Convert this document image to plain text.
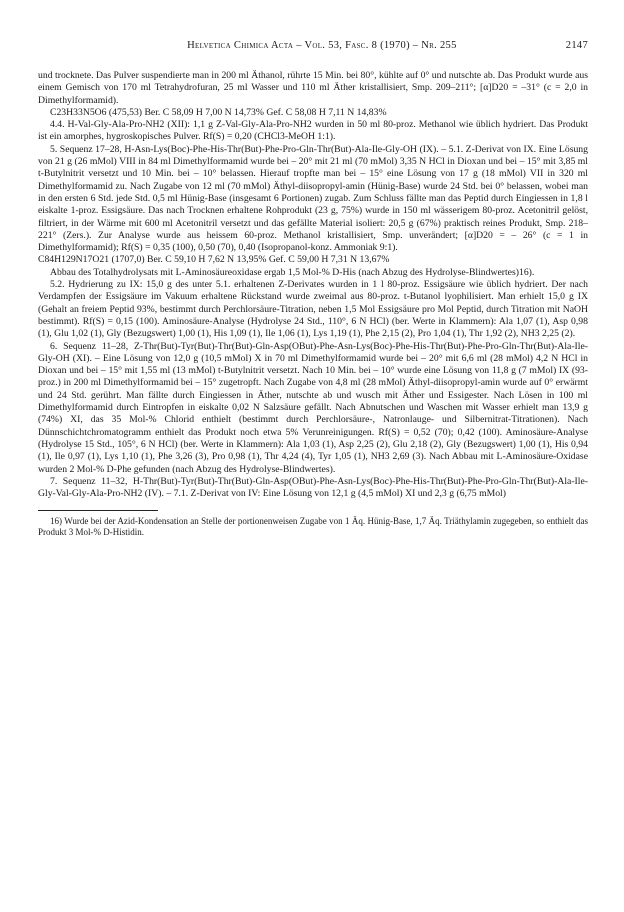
Helvetica Chimica Acta – Vol. 53, Fasc. 8 (1970) – Nr. 255	2147

und trocknete. Das Pulver suspendierte man in 200 ml Äthanol, rührte 15 Min. bei 80°, kühlte auf 0° und nutschte ab. Das Produkt wurde aus einem Gemisch von 170 ml Tetrahydrofuran, 25 ml Wasser und 110 ml Äther kristallisiert, Smp. 209–211°; [α]D20 = –31° (c = 2,0 in Dimethylformamid).

C23H33N5O6 (475,53) Ber. C 58,09 H 7,00 N 14,73% Gef. C 58,08 H 7,11 N 14,83%

4.4. H-Val-Gly-Ala-Pro-NH2 (XII): 1,1 g Z-Val-Gly-Ala-Pro-NH2 wurden in 50 ml 80-proz. Methanol wie üblich hydriert. Das Produkt ist ein amorphes, hygroskopisches Pulver. Rf(S) = 0,20 (CHCl3-MeOH 1:1).

5. Sequenz 17–28, H-Asn-Lys(Boc)-Phe-His-Thr(But)-Phe-Pro-Gln-Thr(But)-Ala-Ile-Gly-OH (IX). – 5.1. Z-Derivat von IX. Eine Lösung von 21 g (26 mMol) VIII in 84 ml Dimethylformamid wurde bei – 20° mit 21 ml (70 mMol) 3,35 N HCl in Dioxan und bei – 15° mit 3,85 ml t-Butylnitrit versetzt und 10 Min. bei – 10° belassen. Hierauf tropfte man bei – 15° eine Lösung von 17 g (18 mMol) VII in 320 ml Dimethylformamid zu. Nach Zugabe von 12 ml (70 mMol) Äthyl-diisopropyl-amin (Hünig-Base) wurde 24 Std. bei 0° belassen, wobei man in den ersten 6 Std. jede Std. 0,5 ml Hünig-Base (insgesamt 6 Portionen) zugab. Zum Schluss fällte man das Peptid durch Eingiessen in 1,8 l eiskalte 1-proz. Essigsäure. Das nach Trocknen erhaltene Rohprodukt (23 g, 75%) wurde in 150 ml wässerigem 80-proz. Acetonitril gelöst, filtriert, in der Wärme mit 600 ml Acetonitril versetzt und das gefällte Material isoliert: 20,5 g (67%) praktisch reines Produkt, Smp. 218–221° (Zers.). Zur Analyse wurde aus heissem 60-proz. Methanol kristallisiert, Smp. unverändert; [α]D20 = – 26° (c = 1 in Dimethylformamid); Rf(S) = 0,35 (100), 0,50 (70), 0,40 (Isopropanol-konz. Ammoniak 9:1).

C84H129N17O21 (1707,0) Ber. C 59,10 H 7,62 N 13,95% Gef. C 59,00 H 7,31 N 13,67%

Abbau des Totalhydrolysats mit L-Aminosäureoxidase ergab 1,5 Mol-% D-His (nach Abzug des Hydrolyse-Blindwertes)16).

5.2. Hydrierung zu IX: 15,0 g des unter 5.1. erhaltenen Z-Derivates wurden in 1 l 80-proz. Essigsäure wie üblich hydriert. Der nach Verdampfen der Essigsäure im Vakuum erhaltene Rückstand wurde zweimal aus 80-proz. t-Butanol lyophilisiert. Man erhielt 15,0 g IX (Gehalt an freiem Peptid 93%, bestimmt durch Perchlorsäure-Titration, neben 1,5 Mol Essigsäure pro Mol Peptid, durch Titration mit NaOH bestimmt). Rf(S) = 0,15 (100). Aminosäure-Analyse (Hydrolyse 24 Std., 110°, 6 N HCl) (ber. Werte in Klammern): Ala 1,07 (1), Asp 0,98 (1), Glu 1,02 (1), Gly (Bezugswert) 1,00 (1), His 1,09 (1), Ile 1,06 (1), Lys 1,19 (1), Phe 2,15 (2), Pro 1,04 (1), Thr 1,92 (2), NH3 2,25 (2).

6. Sequenz 11–28, Z-Thr(But)-Tyr(But)-Thr(But)-Gln-Asp(OBut)-Phe-Asn-Lys(Boc)-Phe-His-Thr(But)-Phe-Pro-Gln-Thr(But)-Ala-Ile-Gly-OH (XI). – Eine Lösung von 12,0 g (10,5 mMol) X in 70 ml Dimethylformamid wurde bei – 20° mit 6,6 ml (28 mMol) 4,2 N HCl in Dioxan und bei – 15° mit 1,55 ml (13 mMol) t-Butylnitrit versetzt. Nach 10 Min. bei – 10° wurde eine Lösung von 11,8 g (7 mMol) IX (93-proz.) in 200 ml Dimethylformamid bei – 15° zugetropft. Nach Zugabe von 4,8 ml (28 mMol) Äthyl-diisopropyl-amin wurde auf 0° erwärmt und 24 Std. gerührt. Man fällte durch Eingiessen in Äther, nutschte ab und wusch mit Äther und Essigester. Nach Lösen in 100 ml Dimethylformamid durch Eintropfen in eiskalte 0,02 N Salzsäure gefällt. Nach Abnutschen und Waschen mit Wasser erhielt man 13,9 g (74%) XI, das 35 Mol-% Chlorid enthielt (bestimmt durch Perchlorsäure-, Natronlauge- und Silbernitrat-Titrationen). Nach Dünnschichtchromatogramm enthielt das Produkt noch etwa 5% Verunreinigungen. Rf(S) = 0,52 (70); 0,42 (100). Aminosäure-Analyse (Hydrolyse 15 Std., 105°, 6 N HCl) (ber. Werte in Klammern): Ala 1,03 (1), Asp 2,25 (2), Glu 2,18 (2), Gly (Bezugswert) 1,00 (1), His 0,94 (1), Ile 0,97 (1), Lys 1,10 (1), Phe 3,26 (3), Pro 0,98 (1), Thr 4,24 (4), Tyr 1,05 (1), NH3 2,69 (3). Nach Abbau mit L-Aminosäure-Oxidase wurden 2 Mol-% D-Phe gefunden (nach Abzug des Hydrolyse-Blindwertes).

7. Sequenz 11–32, H-Thr(But)-Tyr(But)-Thr(But)-Gln-Asp(OBut)-Phe-Asn-Lys(Boc)-Phe-His-Thr(But)-Phe-Pro-Gln-Thr(But)-Ala-Ile-Gly-Val-Gly-Ala-Pro-NH2 (IV). – 7.1. Z-Derivat von IV: Eine Lösung von 12,1 g (4,5 mMol) XI und 2,3 g (6,75 mMol)

16) Wurde bei der Azid-Kondensation an Stelle der portionenweisen Zugabe von 1 Äq. Hünig-Base, 1,7 Äq. Triäthylamin zugegeben, so enthielt das Produkt 3 Mol-% D-Histidin.
